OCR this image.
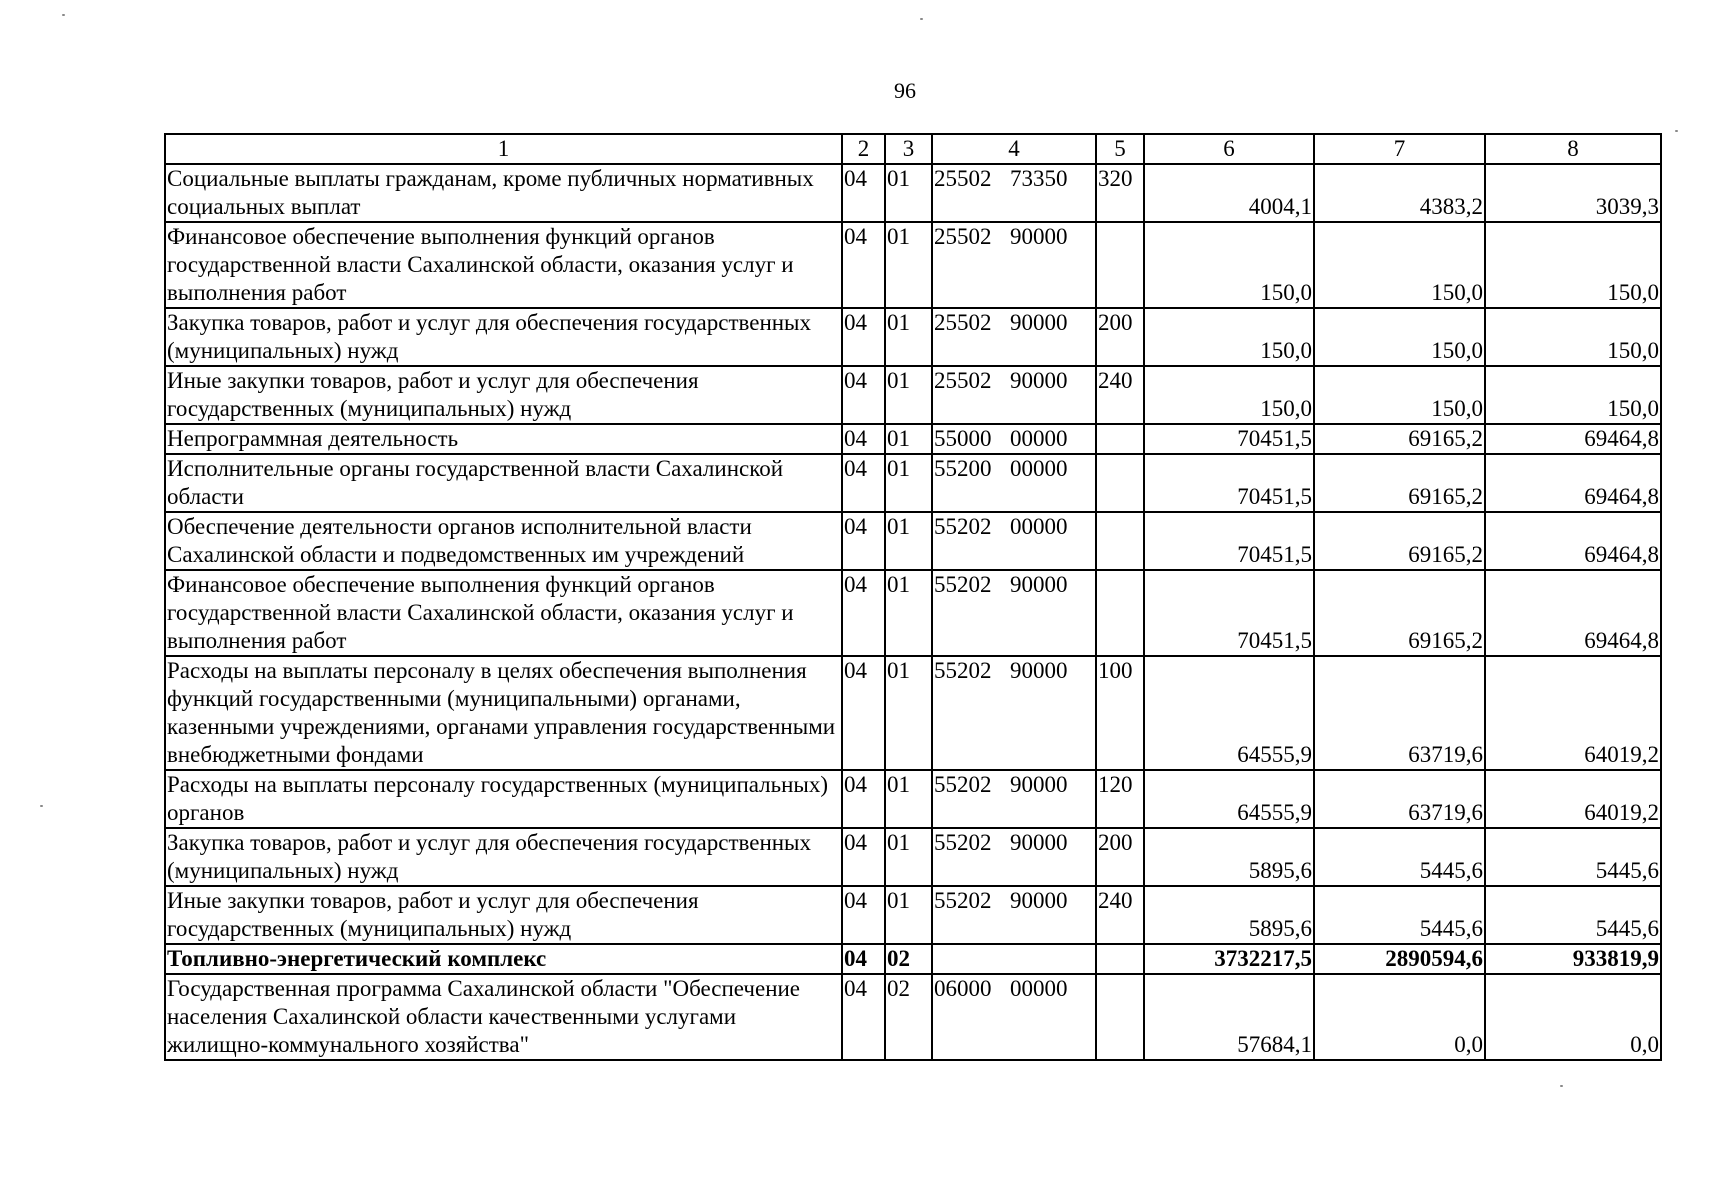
96
1	2	3	4	5	6	7	8
Социальные выплаты гражданам, кроме публичных нормативных социальных выплат	04	01	25502 73350	320	4004,1	4383,2	3039,3
Финансовое обеспечение выполнения функций органов государственной власти Сахалинской области, оказания услуг и выполнения работ	04	01	25502 90000		150,0	150,0	150,0
Закупка товаров, работ и услуг для обеспечения государственных (муниципальных) нужд	04	01	25502 90000	200	150,0	150,0	150,0
Иные закупки товаров, работ и услуг для обеспечения государственных (муниципальных) нужд	04	01	25502 90000	240	150,0	150,0	150,0
Непрограммная деятельность	04	01	55000 00000		70451,5	69165,2	69464,8
Исполнительные органы государственной власти Сахалинской области	04	01	55200 00000		70451,5	69165,2	69464,8
Обеспечение деятельности органов исполнительной власти Сахалинской области и подведомственных им учреждений	04	01	55202 00000		70451,5	69165,2	69464,8
Финансовое обеспечение выполнения функций органов государственной власти Сахалинской области, оказания услуг и выполнения работ	04	01	55202 90000		70451,5	69165,2	69464,8
Расходы на выплаты персоналу в целях обеспечения выполнения функций государственными (муниципальными) органами, казенными учреждениями, органами управления государственными внебюджетными фондами	04	01	55202 90000	100	64555,9	63719,6	64019,2
Расходы на выплаты персоналу государственных (муниципальных) органов	04	01	55202 90000	120	64555,9	63719,6	64019,2
Закупка товаров, работ и услуг для обеспечения государственных (муниципальных) нужд	04	01	55202 90000	200	5895,6	5445,6	5445,6
Иные закупки товаров, работ и услуг для обеспечения государственных (муниципальных) нужд	04	01	55202 90000	240	5895,6	5445,6	5445,6
Топливно-энергетический комплекс	04	02			3732217,5	2890594,6	933819,9
Государственная программа Сахалинской области "Обеспечение населения Сахалинской области качественными услугами жилищно-коммунального хозяйства"	04	02	06000 00000		57684,1	0,0	0,0
